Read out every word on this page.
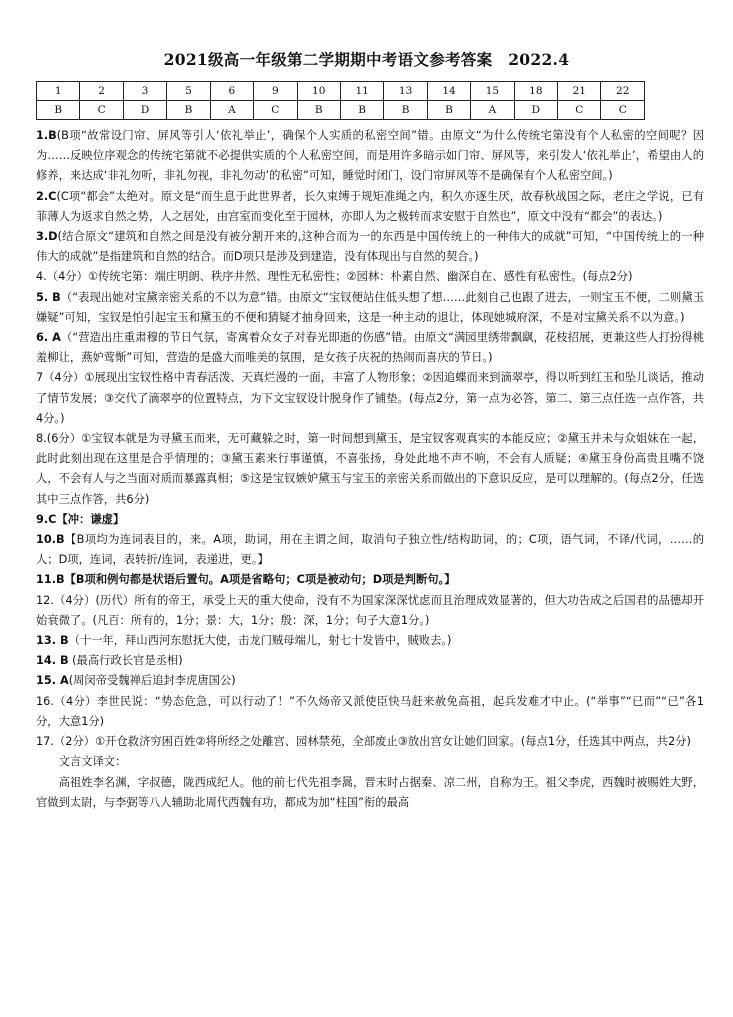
2021级高一年级第二学期期中考语文参考答案　2022.4
1	2	3	5	6	9	10	11	13	14	15	18	21	22
B	C	D	B	A	C	B	B	B	B	A	D	C	C

1.B(B项“故常设门帘、屏风等引人‘依礼举止’，确保个人实质的私密空间”错。由原文“为什么传统宅第没有个人私密的空间呢？因为……反映位序观念的传统宅第就不必提供实质的个人私密空间，而是用许多暗示如门帘、屏风等，来引发人‘依礼举止’，希望由人的修养，来达成‘非礼勿听，非礼勿视，非礼勿动’的私密”可知，睡觉时闭门，设门帘屏风等不是确保有个人私密空间。)

2.C(C项“都会”太绝对。原文是“而生息于此世界者，长久束缚于规矩准绳之内，积久亦逐生厌，故春秋战国之际，老庄之学说，已有菲薄人为返求自然之势，人之居处，由宫室而变化至于园林，亦即人为之极转而求安慰于自然也”，原文中没有“都会”的表达。)

3.D(结合原文“建筑和自然之间是没有被分割开来的,这种合而为一的东西是中国传统上的一种伟大的成就”可知，“中国传统上的一种伟大的成就”是指建筑和自然的结合。而D项只是涉及到建造，没有体现出与自然的契合。)

4.（4分）①传统宅第：端庄明朗、秩序井然、理性无私密性；②园林：朴素自然、幽深自在、感性有私密性。(每点2分)

5. B（“表现出她对宝黛亲密关系的不以为意”错。由原文“宝钗便站住低头想了想……此刻自己也跟了进去，一则宝玉不便，二则黛玉嫌疑”可知，宝钗是怕引起宝玉和黛玉的不便和猜疑才抽身回来，这是一种主动的退让，体现她城府深，不是对宝黛关系不以为意。)

6. A（“营造出庄重肃穆的节日气氛，寄寓着众女子对春光即逝的伤感”错。由原文“满园里绣带飘飖，花枝招展，更兼这些人打扮得桃羞柳让，燕妒莺惭”可知，营造的是盛大而唯美的氛围，是女孩子庆祝的热闹而喜庆的节日。)

7（4分）①展现出宝钗性格中青春活泼、天真烂漫的一面，丰富了人物形象；②因追蝶而来到滴翠亭，得以听到红玉和坠儿谈话，推动了情节发展；③交代了滴翠亭的位置特点，为下文宝钗设计脱身作了铺垫。(每点2分，第一点为必答，第二、第三点任选一点作答，共4分。)

8.(6分）①宝钗本就是为寻黛玉而来，无可藏躲之时，第一时间想到黛玉，是宝钗客观真实的本能反应；②黛玉并未与众姐妹在一起，此时此刻出现在这里是合乎情理的；③黛玉素来行事谨慎，不喜张扬，身处此地不声不响，不会有人质疑；④黛玉身份高贵且嘴不饶人，不会有人与之当面对质而暴露真相；⑤这是宝钗嫉妒黛玉与宝玉的亲密关系而做出的下意识反应，是可以理解的。(每点2分，任选其中三点作答，共6分)

9.C【冲：谦虚】

10.B【B项均为连词表目的，来。A项，助词，用在主谓之间，取消句子独立性/结构助词，的；C项，语气词，不译/代词，……的人；D项，连词，表转折/连词，表递进，更。】

11.B【B项和例句都是状语后置句。A项是省略句；C项是被动句；D项是判断句。】

12.（4分）(历代）所有的帝王，承受上天的重大使命，没有不为国家深深忧虑而且治理成效显著的，但大功告成之后国君的品德却开始衰微了。(凡百：所有的，1分；景：大，1分；殷：深，1分；句子大意1分。)

13. B（十一年，拜山西河东慰抚大使，击龙门贼母端儿，射七十发皆中，贼败去。)

14. B (最高行政长官是丞相)

15. A(周闵帝受魏禅后追封李虎唐国公)

16.（4分）李世民说：“势态危急，可以行动了！”不久炀帝又派使臣快马赶来赦免高祖，起兵发难才中止。(“举事”“已而”“已”各1分，大意1分)

17.（2分）①开仓救济穷困百姓②将所经之处離宫、园林禁苑，全部废止③放出宫女让她们回家。(每点1分，任选其中两点，共2分)

文言文译文：

高祖姓李名渊，字叔德，陇西成纪人。他的前七代先祖李暠，晋末时占据秦、凉二州，自称为王。祖父李虎，西魏时被赐姓大野，官做到太尉，与李弼等八人辅助北周代西魏有功，都成为加“柱国”衔的最高
